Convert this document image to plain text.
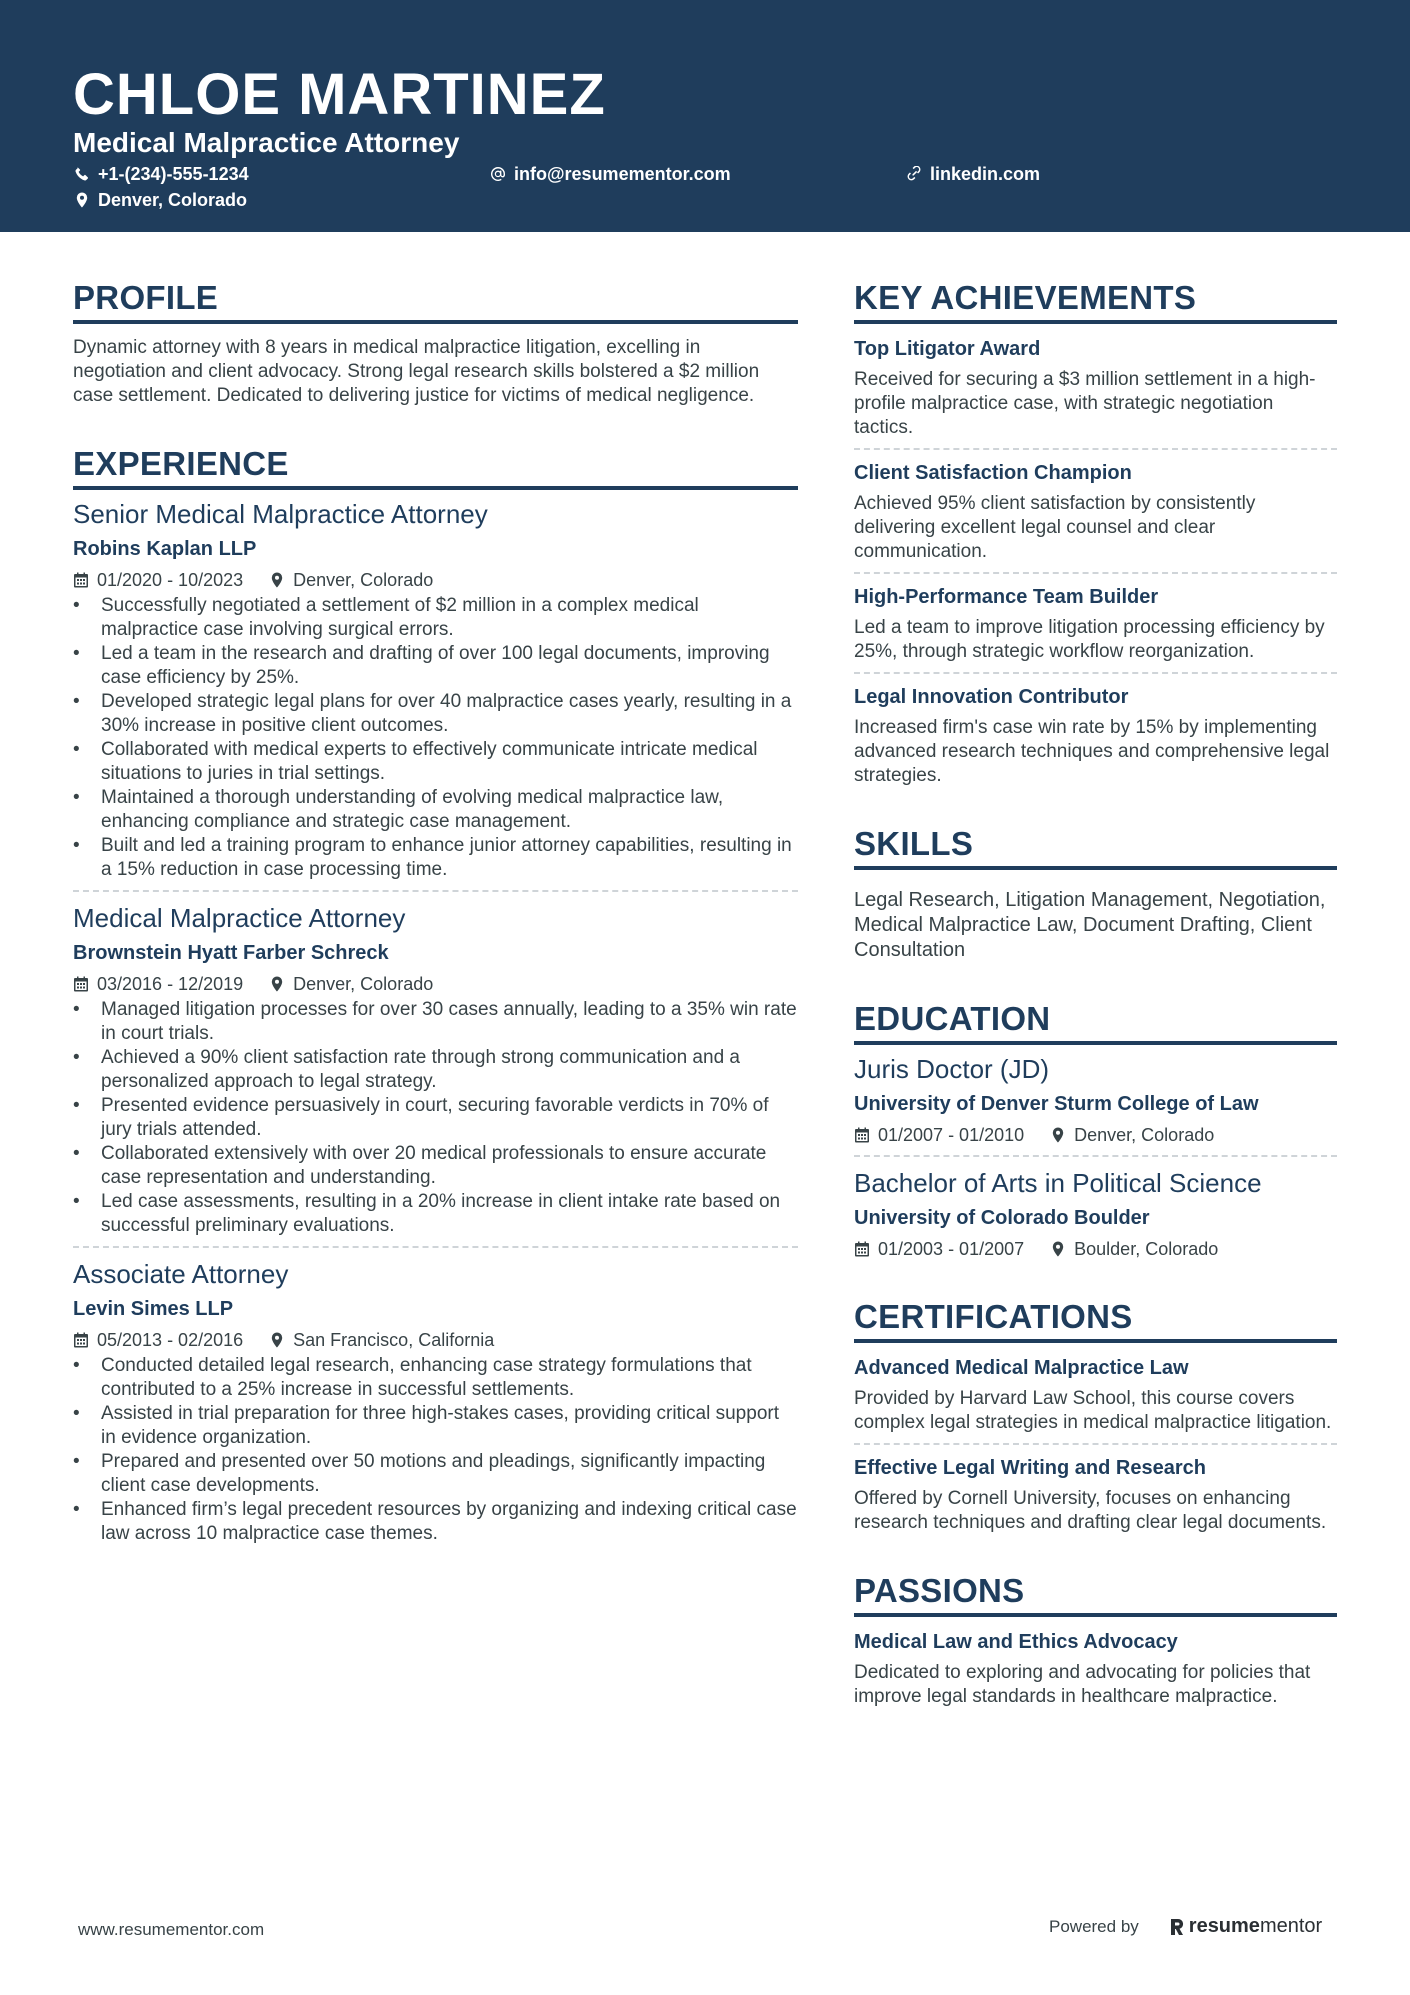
CHLOE MARTINEZ
Medical Malpractice Attorney
+1-(234)-555-1234	info@resumementor.com	linkedin.com
Denver, Colorado
PROFILE
Dynamic attorney with 8 years in medical malpractice litigation, excelling in negotiation and client advocacy. Strong legal research skills bolstered a $2 million case settlement. Dedicated to delivering justice for victims of medical negligence.
EXPERIENCE
Senior Medical Malpractice Attorney
Robins Kaplan LLP
01/2020 - 10/2023	Denver, Colorado
• Successfully negotiated a settlement of $2 million in a complex medical malpractice case involving surgical errors.
• Led a team in the research and drafting of over 100 legal documents, improving case efficiency by 25%.
• Developed strategic legal plans for over 40 malpractice cases yearly, resulting in a 30% increase in positive client outcomes.
• Collaborated with medical experts to effectively communicate intricate medical situations to juries in trial settings.
• Maintained a thorough understanding of evolving medical malpractice law, enhancing compliance and strategic case management.
• Built and led a training program to enhance junior attorney capabilities, resulting in a 15% reduction in case processing time.
Medical Malpractice Attorney
Brownstein Hyatt Farber Schreck
03/2016 - 12/2019	Denver, Colorado
• Managed litigation processes for over 30 cases annually, leading to a 35% win rate in court trials.
• Achieved a 90% client satisfaction rate through strong communication and a personalized approach to legal strategy.
• Presented evidence persuasively in court, securing favorable verdicts in 70% of jury trials attended.
• Collaborated extensively with over 20 medical professionals to ensure accurate case representation and understanding.
• Led case assessments, resulting in a 20% increase in client intake rate based on successful preliminary evaluations.
Associate Attorney
Levin Simes LLP
05/2013 - 02/2016	San Francisco, California
• Conducted detailed legal research, enhancing case strategy formulations that contributed to a 25% increase in successful settlements.
• Assisted in trial preparation for three high-stakes cases, providing critical support in evidence organization.
• Prepared and presented over 50 motions and pleadings, significantly impacting client case developments.
• Enhanced firm’s legal precedent resources by organizing and indexing critical case law across 10 malpractice case themes.
KEY ACHIEVEMENTS
Top Litigator Award
Received for securing a $3 million settlement in a high-profile malpractice case, with strategic negotiation tactics.
Client Satisfaction Champion
Achieved 95% client satisfaction by consistently delivering excellent legal counsel and clear communication.
High-Performance Team Builder
Led a team to improve litigation processing efficiency by 25%, through strategic workflow reorganization.
Legal Innovation Contributor
Increased firm's case win rate by 15% by implementing advanced research techniques and comprehensive legal strategies.
SKILLS
Legal Research, Litigation Management, Negotiation, Medical Malpractice Law, Document Drafting, Client Consultation
EDUCATION
Juris Doctor (JD)
University of Denver Sturm College of Law
01/2007 - 01/2010	Denver, Colorado
Bachelor of Arts in Political Science
University of Colorado Boulder
01/2003 - 01/2007	Boulder, Colorado
CERTIFICATIONS
Advanced Medical Malpractice Law
Provided by Harvard Law School, this course covers complex legal strategies in medical malpractice litigation.
Effective Legal Writing and Research
Offered by Cornell University, focuses on enhancing research techniques and drafting clear legal documents.
PASSIONS
Medical Law and Ethics Advocacy
Dedicated to exploring and advocating for policies that improve legal standards in healthcare malpractice.
www.resumementor.com	Powered by	resume mentor
